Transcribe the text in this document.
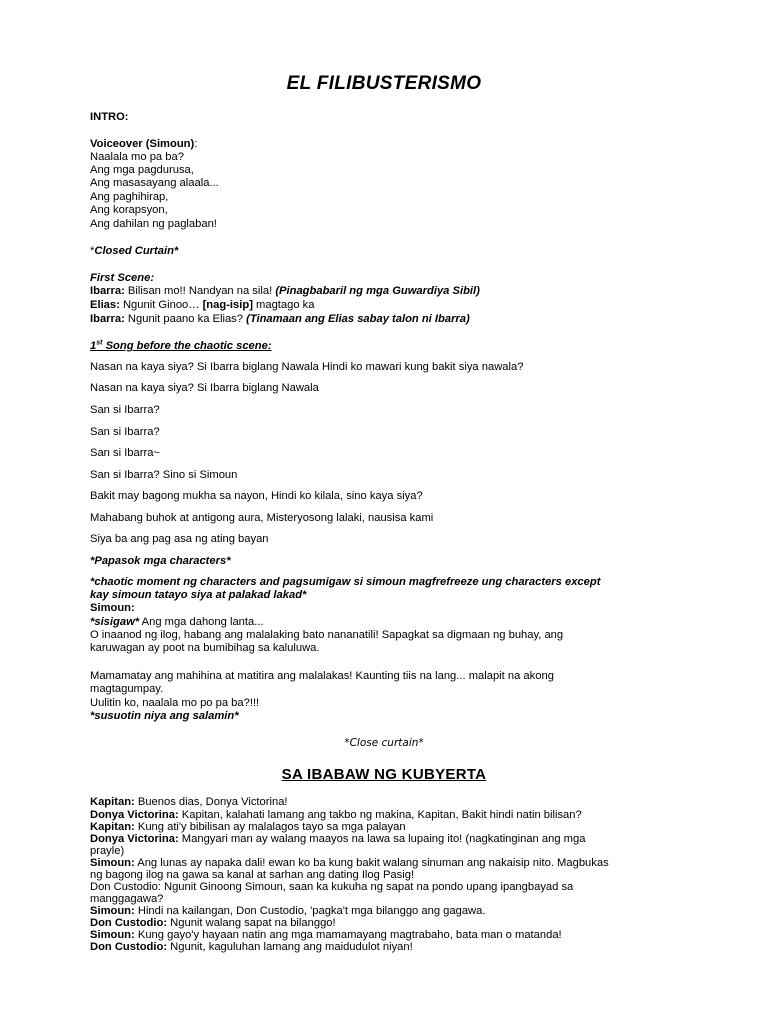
EL FILIBUSTERISMO
INTRO:
Voiceover (Simoun):
Naalala mo pa ba?
Ang mga pagdurusa,
Ang masasayang alaala...
Ang paghihirap,
Ang korapsyon,
Ang dahilan ng paglaban!
*Closed Curtain*
First Scene:
Ibarra: Bilisan mo!! Nandyan na sila! (Pinagbabaril ng mga Guwardiya Sibil)
Elias: Ngunit Ginoo… [nag-isip] magtago ka
Ibarra: Ngunit paano ka Elias? (Tinamaan ang Elias sabay talon ni Ibarra)
1st Song before the chaotic scene:
Nasan na kaya siya? Si Ibarra biglang Nawala Hindi ko mawari kung bakit siya nawala?
Nasan na kaya siya? Si Ibarra biglang Nawala
San si Ibarra?
San si Ibarra?
San si Ibarra~
San si Ibarra? Sino si Simoun
Bakit may bagong mukha sa nayon, Hindi ko kilala, sino kaya siya?
Mahabang buhok at antigong aura, Misteryosong lalaki, nausisa kami
Siya ba ang pag asa ng ating bayan
*Papasok mga characters*
*chaotic moment ng characters and pagsumigaw si simoun magfrefreeze ung characters except
kay simoun tatayo siya at palakad lakad*
Simoun:
*sisigaw* Ang mga dahong lanta...
O inaanod ng ilog, habang ang malalaking bato nananatili! Sapagkat sa digmaan ng buhay, ang
karuwagan ay poot na bumibihag sa kaluluwa.
Mamamatay ang mahihina at matitira ang malalakas! Kaunting tiis na lang... malapit na akong
magtagumpay.
Uulitin ko, naalala mo po pa ba?!!!
*susuotin niya ang salamin*
*Close curtain*
SA IBABAW NG KUBYERTA
Kapitan: Buenos dias, Donya Victorina!
Donya Victorina: Kapitan, kalahati lamang ang takbo ng makina, Kapitan, Bakit hindi natin bilisan?
Kapitan: Kung ati'y bibilisan ay malalagos tayo sa mga palayan
Donya Victorina: Mangyari man ay walang maayos na lawa sa lupaing ito! (nagkatinginan ang mga
prayle)
Simoun: Ang lunas ay napaka dali! ewan ko ba kung bakit walang sinuman ang nakaisip nito. Magbukas
ng bagong ilog na gawa sa kanal at sarhan ang dating Ilog Pasig!
Don Custodio: Ngunit Ginoong Simoun, saan ka kukuha ng sapat na pondo upang ipangbayad sa
manggagawa?
Simoun: Hindi na kailangan, Don Custodio, 'pagka't mga bilanggo ang gagawa.
Don Custodio: Ngunit walang sapat na bilanggo!
Simoun: Kung gayo'y hayaan natin ang mga mamamayang magtrabaho, bata man o matanda!
Don Custodio: Ngunit, kaguluhan lamang ang maidudulot niyan!
